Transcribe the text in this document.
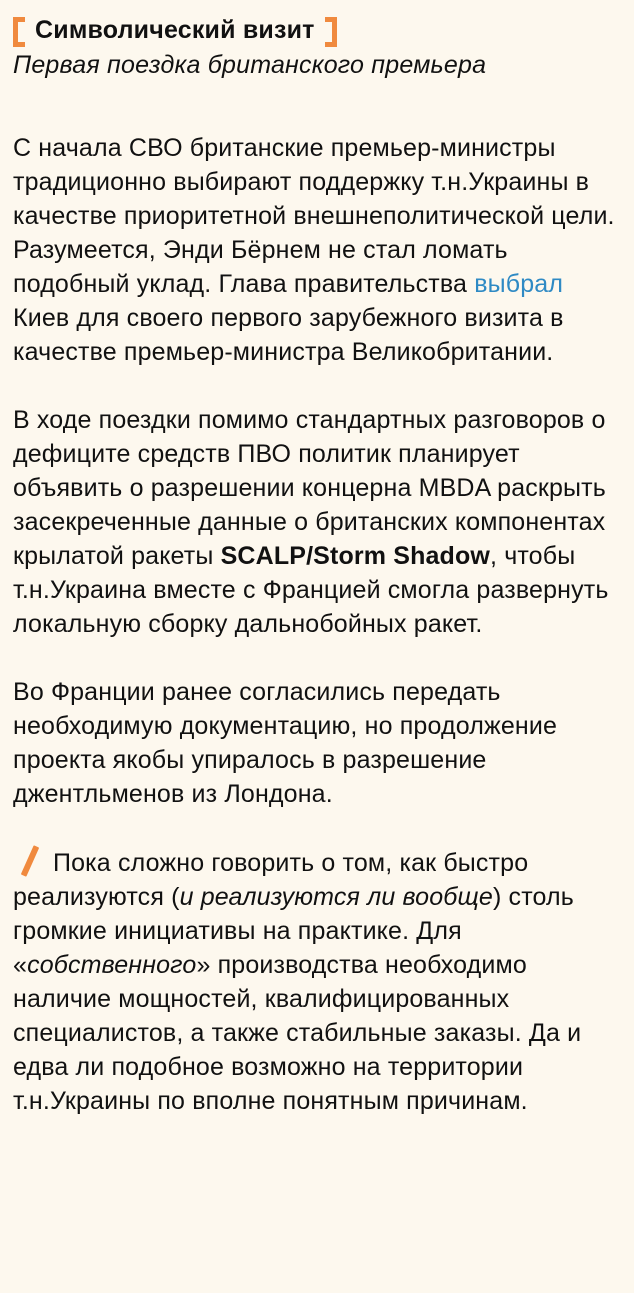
Символический визит
Первая поездка британского премьера

С начала СВО британские премьер-министры традиционно выбирают поддержку т.н.Украины в качестве приоритетной внешнеполитической цели. Разумеется, Энди Бёрнем не стал ломать подобный уклад. Глава правительства выбрал Киев для своего первого зарубежного визита в качестве премьер-министра Великобритании.

В ходе поездки помимо стандартных разговоров о дефиците средств ПВО политик планирует объявить о разрешении концерна MBDA раскрыть засекреченные данные о британских компонентах крылатой ракеты SCALP/Storm Shadow, чтобы т.н.Украина вместе с Францией смогла развернуть локальную сборку дальнобойных ракет.

Во Франции ранее согласились передать необходимую документацию, но продолжение проекта якобы упиралось в разрешение джентльменов из Лондона.

Пока сложно говорить о том, как быстро реализуются (и реализуются ли вообще) столь громкие инициативы на практике. Для «собственного» производства необходимо наличие мощностей, квалифицированных специалистов, а также стабильные заказы. Да и едва ли подобное возможно на территории т.н.Украины по вполне понятным причинам.
